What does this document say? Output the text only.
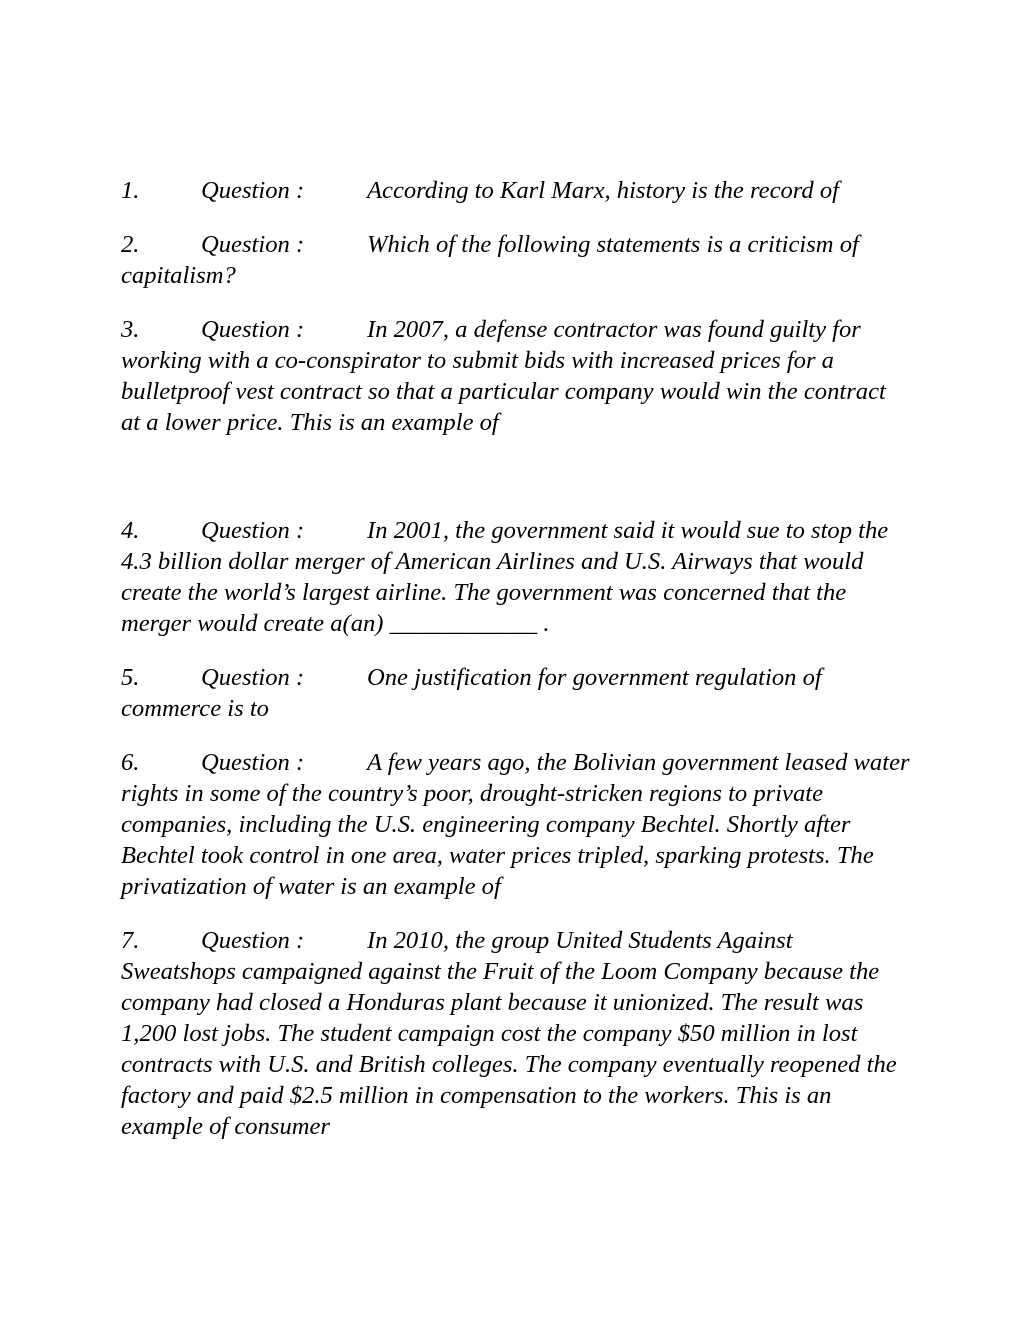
1.	Question :	According to Karl Marx, history is the record of

2.	Question :	Which of the following statements is a criticism of capitalism?

3.	Question :	In 2007, a defense contractor was found guilty for working with a co-conspirator to submit bids with increased prices for a bulletproof vest contract so that a particular company would win the contract at a lower price. This is an example of

4.	Question :	In 2001, the government said it would sue to stop the 4.3 billion dollar merger of American Airlines and U.S. Airways that would create the world’s largest airline. The government was concerned that the merger would create a(an) ____________ .

5.	Question :	One justification for government regulation of commerce is to

6.	Question :	A few years ago, the Bolivian government leased water rights in some of the country’s poor, drought-stricken regions to private companies, including the U.S. engineering company Bechtel. Shortly after Bechtel took control in one area, water prices tripled, sparking protests. The privatization of water is an example of

7.	Question :	In 2010, the group United Students Against Sweatshops campaigned against the Fruit of the Loom Company because the company had closed a Honduras plant because it unionized. The result was 1,200 lost jobs. The student campaign cost the company $50 million in lost contracts with U.S. and British colleges. The company eventually reopened the factory and paid $2.5 million in compensation to the workers. This is an example of consumer
